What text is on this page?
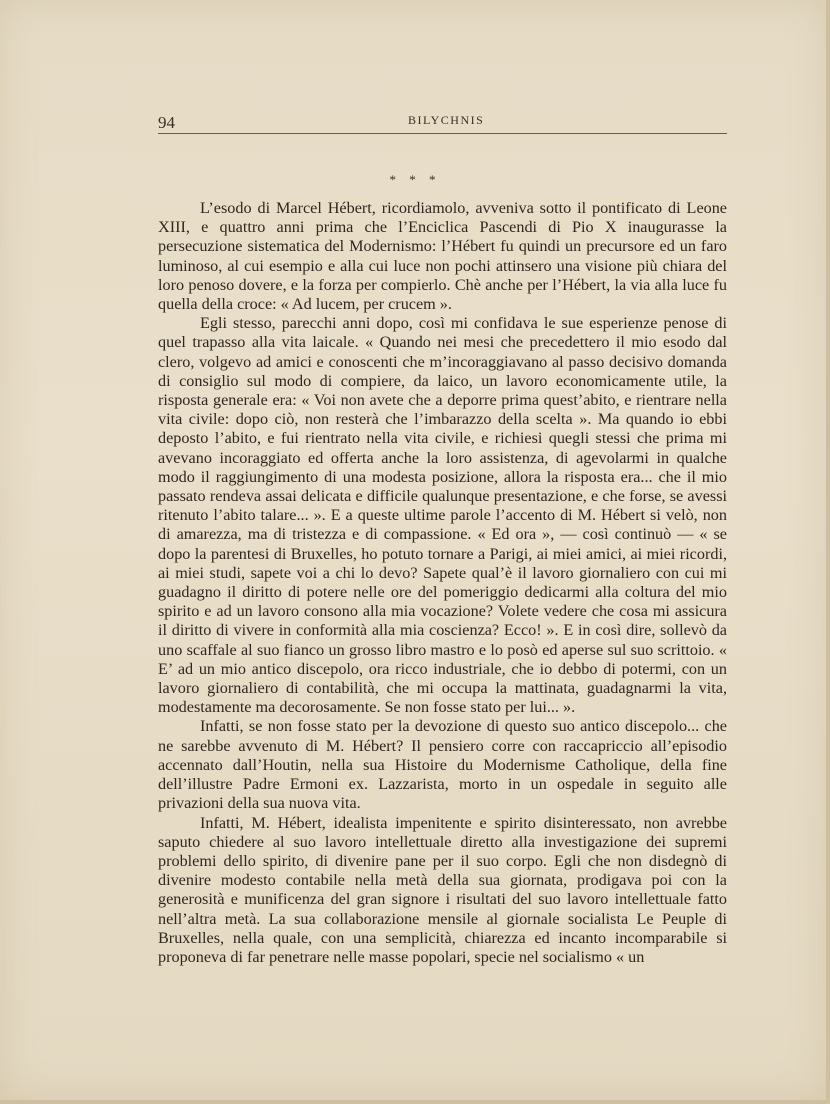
94	BILYCHNIS
* * *

L’esodo di Marcel Hébert, ricordiamolo, avveniva sotto il pontificato di Leone XIII, e quattro anni prima che l’Enciclica Pascendi di Pio X inaugurasse la persecuzione sistematica del Modernismo: l’Hébert fu quindi un precursore ed un faro luminoso, al cui esempio e alla cui luce non pochi attinsero una visione più chiara del loro penoso dovere, e la forza per compierlo. Chè anche per l’Hébert, la via alla luce fu quella della croce: « Ad lucem, per crucem ».

Egli stesso, parecchi anni dopo, così mi confidava le sue esperienze penose di quel trapasso alla vita laicale. « Quando nei mesi che precedettero il mio esodo dal clero, volgevo ad amici e conoscenti che m’incoraggiavano al passo decisivo domanda di consiglio sul modo di compiere, da laico, un lavoro economicamente utile, la risposta generale era: « Voi non avete che a deporre prima quest’abito, e rientrare nella vita civile: dopo ciò, non resterà che l’imbarazzo della scelta ». Ma quando io ebbi deposto l’abito, e fui rientrato nella vita civile, e richiesi quegli stessi che prima mi avevano incoraggiato ed offerta anche la loro assistenza, di agevolarmi in qualche modo il raggiungimento di una modesta posizione, allora la risposta era... che il mio passato rendeva assai delicata e difficile qualunque presentazione, e che forse, se avessi ritenuto l’abito talare... ». E a queste ultime parole l’accento di M. Hébert si velò, non di amarezza, ma di tristezza e di compassione. « Ed ora », — così continuò — « se dopo la parentesi di Bruxelles, ho potuto tornare a Parigi, ai miei amici, ai miei ricordi, ai miei studi, sapete voi a chi lo devo? Sapete qual’è il lavoro giornaliero con cui mi guadagno il diritto di potere nelle ore del pomeriggio dedicarmi alla coltura del mio spirito e ad un lavoro consono alla mia vocazione? Volete vedere che cosa mi assicura il diritto di vivere in conformità alla mia coscienza? Ecco! ». E in così dire, sollevò da uno scaffale al suo fianco un grosso libro mastro e lo posò ed aperse sul suo scrittoio. « E’ ad un mio antico discepolo, ora ricco industriale, che io debbo di potermi, con un lavoro giornaliero di contabilità, che mi occupa la mattinata, guadagnarmi la vita, modestamente ma decorosamente. Se non fosse stato per lui... ».

Infatti, se non fosse stato per la devozione di questo suo antico discepolo... che ne sarebbe avvenuto di M. Hébert? Il pensiero corre con raccapriccio all’episodio accennato dall’Houtin, nella sua Histoire du Modernisme Catholique, della fine dell’illustre Padre Ermoni ex. Lazzarista, morto in un ospedale in seguito alle privazioni della sua nuova vita.

Infatti, M. Hébert, idealista impenitente e spirito disinteressato, non avrebbe saputo chiedere al suo lavoro intellettuale diretto alla investigazione dei supremi problemi dello spirito, di divenire pane per il suo corpo. Egli che non disdegnò di divenire modesto contabile nella metà della sua giornata, prodigava poi con la generosità e munificenza del gran signore i risultati del suo lavoro intellettuale fatto nell’altra metà. La sua collaborazione mensile al giornale socialista Le Peuple di Bruxelles, nella quale, con una semplicità, chiarezza ed incanto incomparabile si proponeva di far penetrare nelle masse popolari, specie nel socialismo « un
